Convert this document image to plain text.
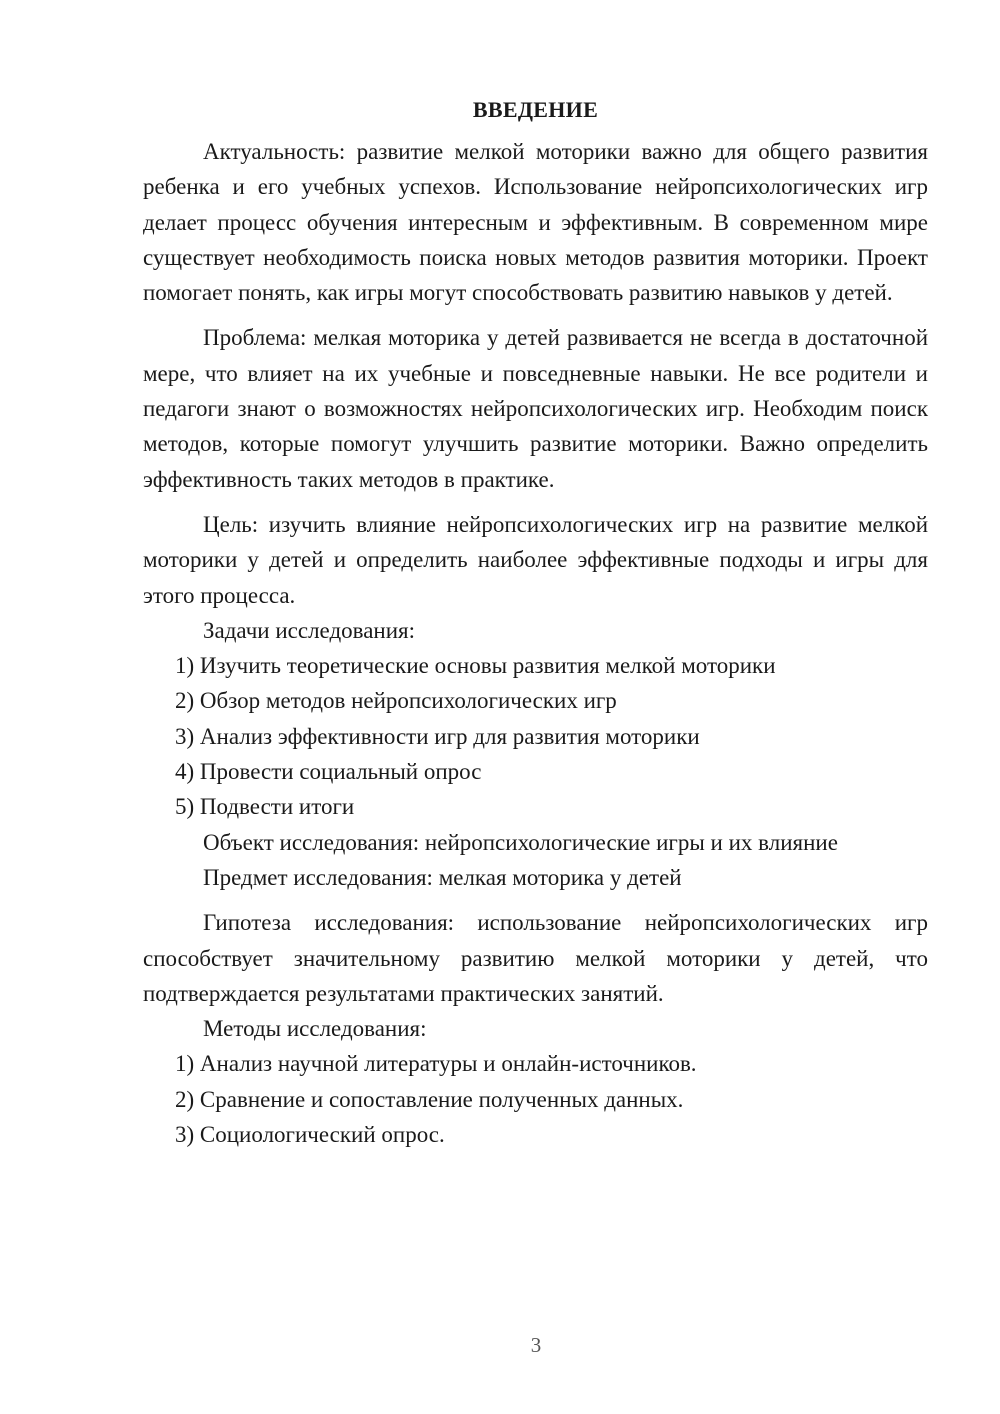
ВВЕДЕНИЕ

Актуальность: развитие мелкой моторики важно для общего развития ребенка и его учебных успехов. Использование нейропсихологических игр делает процесс обучения интересным и эффективным. В современном мире существует необходимость поиска новых методов развития моторики. Проект помогает понять, как игры могут способствовать развитию навыков у детей.

Проблема: мелкая моторика у детей развивается не всегда в достаточной мере, что влияет на их учебные и повседневные навыки. Не все родители и педагоги знают о возможностях нейропсихологических игр. Необходим поиск методов, которые помогут улучшить развитие моторики. Важно определить эффективность таких методов в практике.

Цель: изучить влияние нейропсихологических игр на развитие мелкой моторики у детей и определить наиболее эффективные подходы и игры для этого процесса.

Задачи исследования:

1) Изучить теоретические основы развития мелкой моторики

2) Обзор методов нейропсихологических игр

3) Анализ эффективности игр для развития моторики

4) Провести социальный опрос

5) Подвести итоги

Объект исследования: нейропсихологические игры и их влияние

Предмет исследования: мелкая моторика у детей

Гипотеза исследования: использование нейропсихологических игр способствует значительному развитию мелкой моторики у детей, что подтверждается результатами практических занятий.

Методы исследования:

1) Анализ научной литературы и онлайн-источников.

2) Сравнение и сопоставление полученных данных.

3) Социологический опрос.

3
